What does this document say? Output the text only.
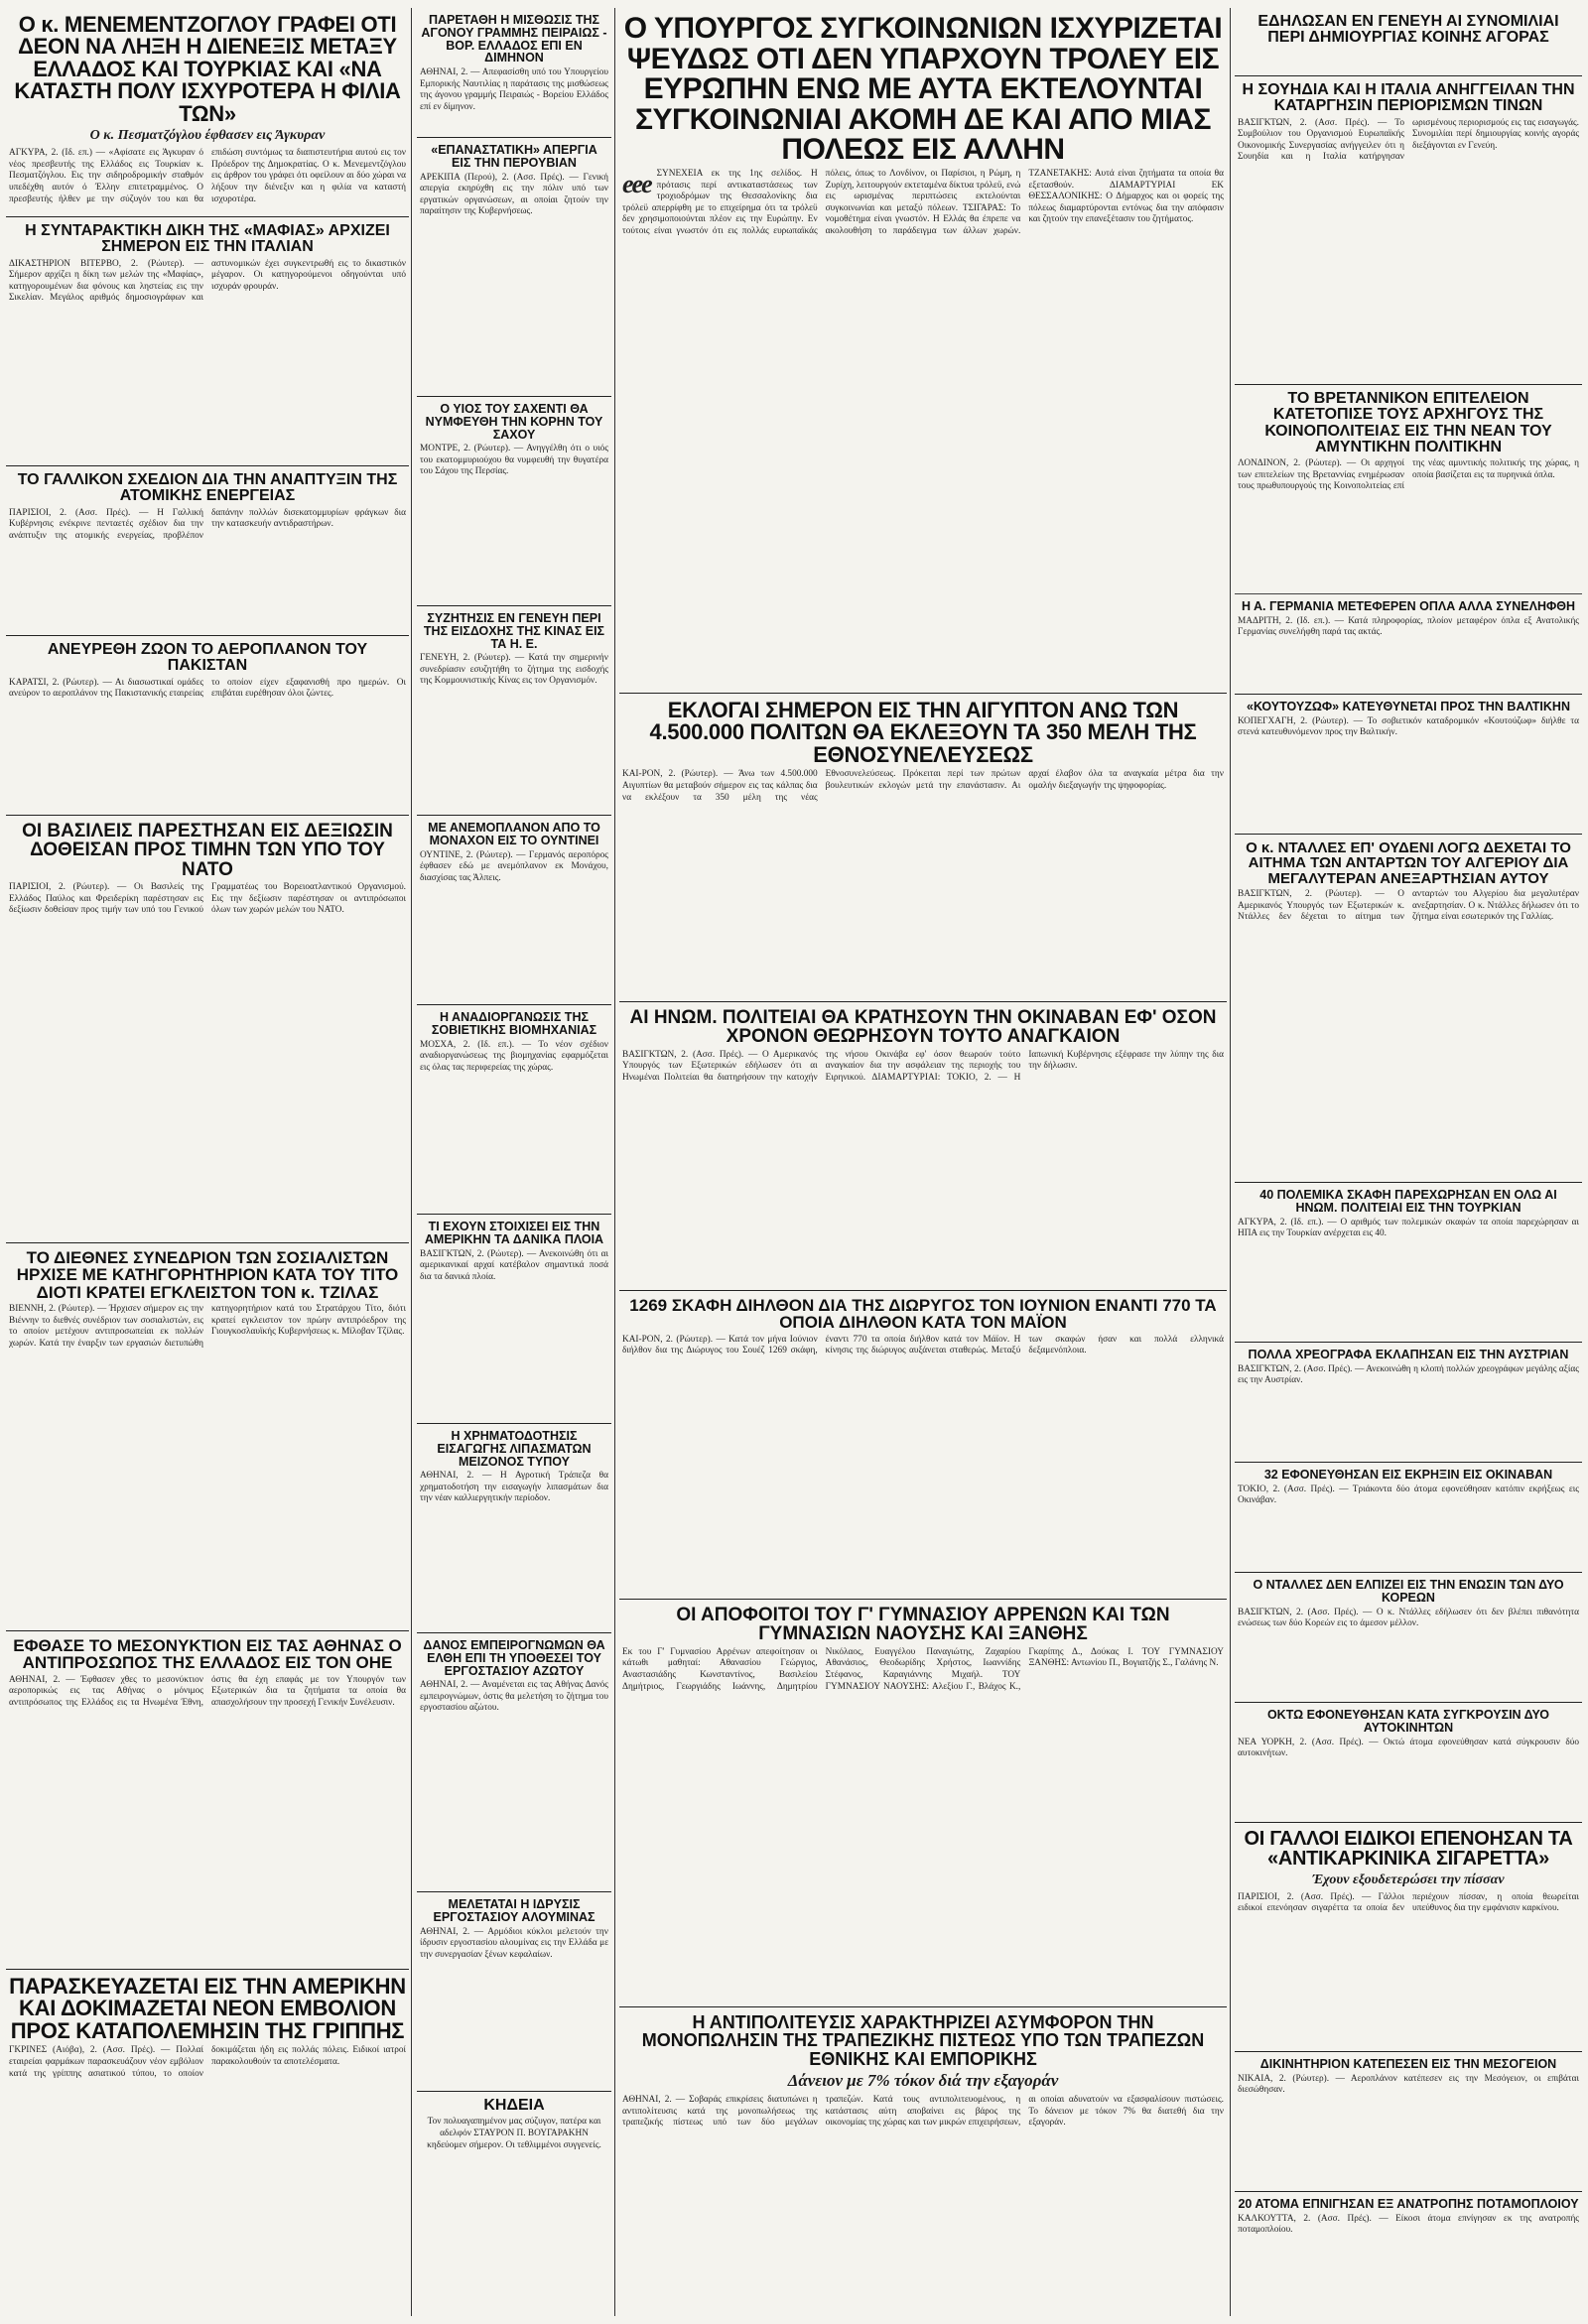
Ο κ. ΜΕΝΕΜΕΝΤΖΟΓΛΟΥ ΓΡΑΦΕΙ ΟΤΙ ΔΕΟΝ ΝΑ ΛΗΞΗ Η ΔΙΕΝΕΞΙΣ ΜΕΤΑΞΥ ΕΛΛΑΔΟΣ ΚΑΙ ΤΟΥΡΚΙΑΣ ΚΑΙ «ΝΑ ΚΑΤΑΣΤΗ ΠΟΛΥ ΙΣΧΥΡΟΤΕΡΑ Η ΦΙΛΙΑ ΤΩΝ»
Ο κ. Πεσματζόγλου έφθασεν εις Άγκυραν
ΑΓΚΥΡΑ, 2. (Ιδ. επ.) — «Αφίσατε εις Άγκυραν ό νέος πρεσβευτής της Ελλάδος εις Τουρκίαν κ. Πεσματζόγλου. Εις την σιδηροδρομικήν σταθμόν υπεδέχθη αυτόν ό Έλλην επιτετραμμένος. Ο πρεσβευτής ήλθεν με την σύζυγόν του και θα επιδώση συντόμως τα διαπιστευτήρια αυτού εις τον Πρόεδρον της Δημοκρατίας. Ο κ. Μενεμεντζόγλου εις άρθρον του γράφει ότι οφείλουν αι δύο χώραι να λήξουν την διένεξιν και η φιλία να καταστή ισχυροτέρα.
Η ΣΥΝΤΑΡΑΚΤΙΚΗ ΔΙΚΗ ΤΗΣ «ΜΑΦΙΑΣ» ΑΡΧΙΖΕΙ ΣΗΜΕΡΟΝ ΕΙΣ ΤΗΝ ΙΤΑΛΙΑΝ
ΔΙΚΑΣΤΗΡΙΟΝ ΒΙΤΕΡΒΟ, 2. (Ρώυτερ). — Σήμερον αρχίζει η δίκη των μελών της «Μαφίας», κατηγορουμένων δια φόνους και ληστείας εις την Σικελίαν. Μεγάλος αριθμός δημοσιογράφων και αστυνομικών έχει συγκεντρωθή εις το δικαστικόν μέγαρον. Οι κατηγορούμενοι οδηγούνται υπό ισχυράν φρουράν.
ΤΟ ΓΑΛΛΙΚΟΝ ΣΧΕΔΙΟΝ ΔΙΑ ΤΗΝ ΑΝΑΠΤΥΞΙΝ ΤΗΣ ΑΤΟΜΙΚΗΣ ΕΝΕΡΓΕΙΑΣ
ΠΑΡΙΣΙΟΙ, 2. (Ασσ. Πρές). — Η Γαλλική Κυβέρνησις ενέκρινε πενταετές σχέδιον δια την ανάπτυξιν της ατομικής ενεργείας, προβλέπον δαπάνην πολλών δισεκατομμυρίων φράγκων δια την κατασκευήν αντιδραστήρων.
ΑΝΕΥΡΕΘΗ ΖΩΟΝ ΤΟ ΑΕΡΟΠΛΑΝΟΝ ΤΟΥ ΠΑΚΙΣΤΑΝ
ΚΑΡΑΤΣΙ, 2. (Ρώυτερ). — Αι διασωστικαί ομάδες ανεύρον το αεροπλάνον της Πακιστανικής εταιρείας το οποίον είχεν εξαφανισθή προ ημερών. Οι επιβάται ευρέθησαν όλοι ζώντες.
ΟΙ ΒΑΣΙΛΕΙΣ ΠΑΡΕΣΤΗΣΑΝ ΕΙΣ ΔΕΞΙΩΣΙΝ ΔΟΘΕΙΣΑΝ ΠΡΟΣ ΤΙΜΗΝ ΤΩΝ ΥΠΟ ΤΟΥ ΝΑΤΟ
ΠΑΡΙΣΙΟΙ, 2. (Ρώυτερ). — Οι Βασιλείς της Ελλάδος Παύλος και Φρειδερίκη παρέστησαν εις δεξίωσιν δοθείσαν προς τιμήν των υπό του Γενικού Γραμματέως του Βορειοατλαντικού Οργανισμού. Εις την δεξίωσιν παρέστησαν οι αντιπρόσωποι όλων των χωρών μελών του ΝΑΤΟ.
ΤΟ ΔΙΕΘΝΕΣ ΣΥΝΕΔΡΙΟΝ ΤΩΝ ΣΟΣΙΑΛΙΣΤΩΝ ΗΡΧΙΣΕ ΜΕ ΚΑΤΗΓΟΡΗΤΗΡΙΟΝ ΚΑΤΑ ΤΟΥ ΤΙΤΟ ΔΙΟΤΙ ΚΡΑΤΕΙ ΕΓΚΛΕΙΣΤΟΝ ΤΟΝ κ. ΤΖΙΛΑΣ
ΒΙΕΝΝΗ, 2. (Ρώυτερ). — Ήρχισεν σήμερον εις την Βιέννην το διεθνές συνέδριον των σοσιαλιστών, εις το οποίον μετέχουν αντιπροσωπείαι εκ πολλών χωρών. Κατά την έναρξιν των εργασιών διετυπώθη κατηγορητήριον κατά του Στρατάρχου Τίτο, διότι κρατεί εγκλειστον τον πρώην αντιπρόεδρον της Γιουγκοσλαυϊκής Κυβερνήσεως κ. Μίλοβαν Τζίλας.
ΕΦΘΑΣΕ ΤΟ ΜΕΣΟΝΥΚΤΙΟΝ ΕΙΣ ΤΑΣ ΑΘΗΝΑΣ Ο ΑΝΤΙΠΡΟΣΩΠΟΣ ΤΗΣ ΕΛΛΑΔΟΣ ΕΙΣ ΤΟΝ ΟΗΕ
ΑΘΗΝΑΙ, 2. — Έφθασεν χθες το μεσονύκτιον αεροπορικώς εις τας Αθήνας ο μόνιμος αντιπρόσωπος της Ελλάδος εις τα Ηνωμένα Έθνη, όστις θα έχη επαφάς με τον Υπουργόν των Εξωτερικών δια τα ζητήματα τα οποία θα απασχολήσουν την προσεχή Γενικήν Συνέλευσιν.
ΠΑΡΑΣΚΕΥΑΖΕΤΑΙ ΕΙΣ ΤΗΝ ΑΜΕΡΙΚΗΝ ΚΑΙ ΔΟΚΙΜΑΖΕΤΑΙ ΝΕΟΝ ΕΜΒΟΛΙΟΝ ΠΡΟΣ ΚΑΤΑΠΟΛΕΜΗΣΙΝ ΤΗΣ ΓΡΙΠΠΗΣ
ΓΚΡΙΝΕΣ (Αιόβα), 2. (Ασσ. Πρές). — Πολλαί εταιρείαι φαρμάκων παρασκευάζουν νέον εμβόλιον κατά της γρίππης ασιατικού τύπου, το οποίον δοκιμάζεται ήδη εις πολλάς πόλεις. Ειδικοί ιατροί παρακολουθούν τα αποτελέσματα.
ΠΑΡΕΤΑΘΗ Η ΜΙΣΘΩΣΙΣ ΤΗΣ ΑΓΟΝΟΥ ΓΡΑΜΜΗΣ ΠΕΙΡΑΙΩΣ - ΒΟΡ. ΕΛΛΑΔΟΣ ΕΠΙ ΕΝ ΔΙΜΗΝΟΝ
ΑΘΗΝΑΙ, 2. — Απεφασίσθη υπό του Υπουργείου Εμπορικής Ναυτιλίας η παράτασις της μισθώσεως της άγονου γραμμής Πειραιώς - Βορείου Ελλάδος επί εν δίμηνον.
«ΕΠΑΝΑΣΤΑΤΙΚΗ» ΑΠΕΡΓΙΑ ΕΙΣ ΤΗΝ ΠΕΡΟΥΒΙΑΝ
ΑΡΕΚΙΠΑ (Περού), 2. (Ασσ. Πρές). — Γενική απεργία εκηρύχθη εις την πόλιν υπό των εργατικών οργανώσεων, αι οποίαι ζητούν την παραίτησιν της Κυβερνήσεως.
Ο ΥΙΟΣ ΤΟΥ ΣΑΧΕΝΤΙ ΘΑ ΝΥΜΦΕΥΘΗ ΤΗΝ ΚΟΡΗΝ ΤΟΥ ΣΑΧΟΥ
ΜΟΝΤΡΕ, 2. (Ρώυτερ). — Ανηγγέλθη ότι ο υιός του εκατομμυριούχου θα νυμφευθή την θυγατέρα του Σάχου της Περσίας.
ΣΥΖΗΤΗΣΙΣ ΕΝ ΓΕΝΕΥΗ ΠΕΡΙ ΤΗΣ ΕΙΣΔΟΧΗΣ ΤΗΣ ΚΙΝΑΣ ΕΙΣ ΤΑ Η. Ε.
ΓΕΝΕΥΗ, 2. (Ρώυτερ). — Κατά την σημερινήν συνεδρίασιν εσυζητήθη το ζήτημα της εισδοχής της Κομμουνιστικής Κίνας εις τον Οργανισμόν.
ΜΕ ΑΝΕΜΟΠΛΑΝΟΝ ΑΠΟ ΤΟ ΜΟΝΑΧΟΝ ΕΙΣ ΤΟ ΟΥΝΤΙΝΕΙ
ΟΥΝΤΙΝΕ, 2. (Ρώυτερ). — Γερμανός αεροπόρος έφθασεν εδώ με ανεμόπλανον εκ Μονάχου, διασχίσας τας Άλπεις.
Η ΑΝΑΔΙΟΡΓΑΝΩΣΙΣ ΤΗΣ ΣΟΒΙΕΤΙΚΗΣ ΒΙΟΜΗΧΑΝΙΑΣ
ΜΟΣΧΑ, 2. (Ιδ. επ.). — Το νέον σχέδιον αναδιοργανώσεως της βιομηχανίας εφαρμόζεται εις όλας τας περιφερείας της χώρας.
ΤΙ ΕΧΟΥΝ ΣΤΟΙΧΙΣΕΙ ΕΙΣ ΤΗΝ ΑΜΕΡΙΚΗΝ ΤΑ ΔΑΝΙΚΑ ΠΛΟΙΑ
ΒΑΣΙΓΚΤΩΝ, 2. (Ρώυτερ). — Ανεκοινώθη ότι αι αμερικανικαί αρχαί κατέβαλον σημαντικά ποσά δια τα δανικά πλοία.
Η ΧΡΗΜΑΤΟΔΟΤΗΣΙΣ ΕΙΣΑΓΩΓΗΣ ΛΙΠΑΣΜΑΤΩΝ ΜΕΙΖΟΝΟΣ ΤΥΠΟΥ
ΑΘΗΝΑΙ, 2. — Η Αγροτική Τράπεζα θα χρηματοδοτήση την εισαγωγήν λιπασμάτων δια την νέαν καλλιεργητικήν περίοδον.
ΔΑΝΟΣ ΕΜΠΕΙΡΟΓΝΩΜΩΝ ΘΑ ΕΛΘΗ ΕΠΙ ΤΗ ΥΠΟΘΕΣΕΙ ΤΟΥ ΕΡΓΟΣΤΑΣΙΟΥ ΑΖΩΤΟΥ
ΑΘΗΝΑΙ, 2. — Αναμένεται εις τας Αθήνας Δανός εμπειρογνώμων, όστις θα μελετήση το ζήτημα του εργοστασίου αζώτου.
ΜΕΛΕΤΑΤΑΙ Η ΙΔΡΥΣΙΣ ΕΡΓΟΣΤΑΣΙΟΥ ΑΛΟΥΜΙΝΑΣ
ΑΘΗΝΑΙ, 2. — Αρμόδιοι κύκλοι μελετούν την ίδρυσιν εργοστασίου αλουμίνας εις την Ελλάδα με την συνεργασίαν ξένων κεφαλαίων.
ΚΗΔΕΙΑ
Τον πολυαγαπημένον μας σύζυγον, πατέρα και αδελφόν ΣΤΑΥΡΟΝ Π. ΒΟΥΓΑΡΑΚΗΝ κηδεύομεν σήμερον. Οι τεθλιμμένοι συγγενείς.
Ο ΥΠΟΥΡΓΟΣ ΣΥΓΚΟΙΝΩΝΙΩΝ ΙΣΧΥΡΙΖΕΤΑΙ ΨΕΥΔΩΣ ΟΤΙ ΔΕΝ ΥΠΑΡΧΟΥΝ ΤΡΟΛΕΥ ΕΙΣ ΕΥΡΩΠΗΝ ΕΝΩ ΜΕ ΑΥΤΑ ΕΚΤΕΛΟΥΝΤΑΙ ΣΥΓΚΟΙΝΩΝΙΑΙ ΑΚΟΜΗ ΔΕ ΚΑΙ ΑΠΟ ΜΙΑΣ ΠΟΛΕΩΣ ΕΙΣ ΑΛΛΗΝ
eee ΣΥΝΕΧΕΙΑ εκ της 1ης σελίδος. Η πρότασις περί αντικαταστάσεως των τροχιοδρόμων της Θεσσαλονίκης δια τρόλεϋ απερρίφθη με το επιχείρημα ότι τα τρόλεϋ δεν χρησιμοποιούνται πλέον εις την Ευρώπην. Εν τούτοις είναι γνωστόν ότι εις πολλάς ευρωπαϊκάς πόλεις, όπως το Λονδίνον, οι Παρίσιοι, η Ρώμη, η Ζυρίχη, λειτουργούν εκτεταμένα δίκτυα τρόλεϋ, ενώ εις ωρισμένας περιπτώσεις εκτελούνται συγκοινωνίαι και μεταξύ πόλεων. ΤΣΙΓΑΡΑΣ: Το νομοθέτημα είναι γνωστόν. Η Ελλάς θα έπρεπε να ακολουθήση το παράδειγμα των άλλων χωρών. ΤΖΑΝΕΤΑΚΗΣ: Αυτά είναι ζητήματα τα οποία θα εξετασθούν. ΔΙΑΜΑΡΤΥΡΙΑΙ ΕΚ ΘΕΣΣΑΛΟΝΙΚΗΣ: Ο Δήμαρχος και οι φορείς της πόλεως διαμαρτύρονται εντόνως δια την απόφασιν και ζητούν την επανεξέτασιν του ζητήματος.
ΕΚΛΟΓΑΙ ΣΗΜΕΡΟΝ ΕΙΣ ΤΗΝ ΑΙΓΥΠΤΟΝ ΑΝΩ ΤΩΝ 4.500.000 ΠΟΛΙΤΩΝ ΘΑ ΕΚΛΕΞΟΥΝ ΤΑ 350 ΜΕΛΗ ΤΗΣ ΕΘΝΟΣΥΝΕΛΕΥΣΕΩΣ
ΚΑΙ-ΡΟΝ, 2. (Ρώυτερ). — Άνω των 4.500.000 Αιγυπτίων θα μεταβούν σήμερον εις τας κάλπας δια να εκλέξουν τα 350 μέλη της νέας Εθνοσυνελεύσεως. Πρόκειται περί των πρώτων βουλευτικών εκλογών μετά την επανάστασιν. Αι αρχαί έλαβον όλα τα αναγκαία μέτρα δια την ομαλήν διεξαγωγήν της ψηφοφορίας.
ΑΙ ΗΝΩΜ. ΠΟΛΙΤΕΙΑΙ ΘΑ ΚΡΑΤΗΣΟΥΝ ΤΗΝ ΟΚΙΝΑΒΑΝ ΕΦ' ΟΣΟΝ ΧΡΟΝΟΝ ΘΕΩΡΗΣΟΥΝ ΤΟΥΤΟ ΑΝΑΓΚΑΙΟΝ
ΒΑΣΙΓΚΤΩΝ, 2. (Ασσ. Πρές). — Ο Αμερικανός Υπουργός των Εξωτερικών εδήλωσεν ότι αι Ηνωμέναι Πολιτείαι θα διατηρήσουν την κατοχήν της νήσου Οκινάβα εφ' όσον θεωρούν τούτο αναγκαίον δια την ασφάλειαν της περιοχής του Ειρηνικού. ΔΙΑΜΑΡΤΥΡΙΑΙ: ΤΟΚΙΟ, 2. — Η Ιαπωνική Κυβέρνησις εξέφρασε την λύπην της δια την δήλωσιν.
1269 ΣΚΑΦΗ ΔΙΗΛΘΟΝ ΔΙΑ ΤΗΣ ΔΙΩΡΥΓΟΣ ΤΟΝ ΙΟΥΝΙΟΝ ΕΝΑΝΤΙ 770 ΤΑ ΟΠΟΙΑ ΔΙΗΛΘΟΝ ΚΑΤΑ ΤΟΝ ΜΑΪΟΝ
ΚΑΙ-ΡΟΝ, 2. (Ρώυτερ). — Κατά τον μήνα Ιούνιον διήλθον δια της Διώρυγος του Σουέζ 1269 σκάφη, έναντι 770 τα οποία διήλθον κατά τον Μάϊον. Η κίνησις της διώρυγος αυξάνεται σταθερώς. Μεταξύ των σκαφών ήσαν και πολλά ελληνικά δεξαμενόπλοια.
ΟΙ ΑΠΟΦΟΙΤΟΙ ΤΟΥ Γ' ΓΥΜΝΑΣΙΟΥ ΑΡΡΕΝΩΝ ΚΑΙ ΤΩΝ ΓΥΜΝΑΣΙΩΝ ΝΑΟΥΣΗΣ ΚΑΙ ΞΑΝΘΗΣ
Εκ του Γ' Γυμνασίου Αρρένων απεφοίτησαν οι κάτωθι μαθηταί: Αθανασίου Γεώργιος, Αναστασιάδης Κωνσταντίνος, Βασιλείου Δημήτριος, Γεωργιάδης Ιωάννης, Δημητρίου Νικόλαος, Ευαγγέλου Παναγιώτης, Ζαχαρίου Αθανάσιος, Θεοδωρίδης Χρήστος, Ιωαννίδης Στέφανος, Καραγιάννης Μιχαήλ. ΤΟΥ ΓΥΜΝΑΣΙΟΥ ΝΑΟΥΣΗΣ: Αλεξίου Γ., Βλάχος Κ., Γκαρίπης Δ., Δούκας Ι. ΤΟΥ ΓΥΜΝΑΣΙΟΥ ΞΑΝΘΗΣ: Αντωνίου Π., Βογιατζής Σ., Γαλάνης Ν.
Η ΑΝΤΙΠΟΛΙΤΕΥΣΙΣ ΧΑΡΑΚΤΗΡΙΖΕΙ ΑΣΥΜΦΟΡΟΝ ΤΗΝ ΜΟΝΟΠΩΛΗΣΙΝ ΤΗΣ ΤΡΑΠΕΖΙΚΗΣ ΠΙΣΤΕΩΣ ΥΠΟ ΤΩΝ ΤΡΑΠΕΖΩΝ ΕΘΝΙΚΗΣ ΚΑΙ ΕΜΠΟΡΙΚΗΣ
Δάνειον με 7% τόκον διά την εξαγοράν
ΑΘΗΝΑΙ, 2. — Σοβαράς επικρίσεις διατυπώνει η αντιπολίτευσις κατά της μονοπωλήσεως της τραπεζικής πίστεως υπό των δύο μεγάλων τραπεζών. Κατά τους αντιπολιτευομένους, η κατάστασις αύτη αποβαίνει εις βάρος της οικονομίας της χώρας και των μικρών επιχειρήσεων, αι οποίαι αδυνατούν να εξασφαλίσουν πιστώσεις. Το δάνειον με τόκον 7% θα διατεθή δια την εξαγοράν.
ΕΔΗΛΩΣΑΝ ΕΝ ΓΕΝΕΥΗ ΑΙ ΣΥΝΟΜΙΛΙΑΙ ΠΕΡΙ ΔΗΜΙΟΥΡΓΙΑΣ ΚΟΙΝΗΣ ΑΓΟΡΑΣ
Η ΣΟΥΗΔΙΑ ΚΑΙ Η ΙΤΑΛΙΑ ΑΝΗΓΓΕΙΛΑΝ ΤΗΝ ΚΑΤΑΡΓΗΣΙΝ ΠΕΡΙΟΡΙΣΜΩΝ ΤΙΝΩΝ
ΒΑΣΙΓΚΤΩΝ, 2. (Ασσ. Πρές). — Το Συμβούλιον του Οργανισμού Ευρωπαϊκής Οικονομικής Συνεργασίας ανήγγειλεν ότι η Σουηδία και η Ιταλία κατήργησαν ωρισμένους περιορισμούς εις τας εισαγωγάς. Συνομιλίαι περί δημιουργίας κοινής αγοράς διεξάγονται εν Γενεύη.
ΤΟ ΒΡΕΤΑΝΝΙΚΟΝ ΕΠΙΤΕΛΕΙΟΝ ΚΑΤΕΤΟΠΙΣΕ ΤΟΥΣ ΑΡΧΗΓΟΥΣ ΤΗΣ ΚΟΙΝΟΠΟΛΙΤΕΙΑΣ ΕΙΣ ΤΗΝ ΝΕΑΝ ΤΟΥ ΑΜΥΝΤΙΚΗΝ ΠΟΛΙΤΙΚΗΝ
ΛΟΝΔΙΝΟΝ, 2. (Ρώυτερ). — Οι αρχηγοί των επιτελείων της Βρεταννίας ενημέρωσαν τους πρωθυπουργούς της Κοινοπολιτείας επί της νέας αμυντικής πολιτικής της χώρας, η οποία βασίζεται εις τα πυρηνικά όπλα.
Η Α. ΓΕΡΜΑΝΙΑ ΜΕΤΕΦΕΡΕΝ ΟΠΛΑ ΑΛΛΑ ΣΥΝΕΛΗΦΘΗ
ΜΑΔΡΙΤΗ, 2. (Ιδ. επ.). — Κατά πληροφορίας, πλοίον μεταφέρον όπλα εξ Ανατολικής Γερμανίας συνελήφθη παρά τας ακτάς.
«ΚΟΥΤΟΥΖΩΦ» ΚΑΤΕΥΘΥΝΕΤΑΙ ΠΡΟΣ ΤΗΝ ΒΑΛΤΙΚΗΝ
ΚΟΠΕΓΧΑΓΗ, 2. (Ρώυτερ). — Το σοβιετικόν καταδρομικόν «Κουτούζωφ» διήλθε τα στενά κατευθυνόμενον προς την Βαλτικήν.
Ο κ. ΝΤΑΛΛΕΣ ΕΠ' ΟΥΔΕΝΙ ΛΟΓΩ ΔΕΧΕΤΑΙ ΤΟ ΑΙΤΗΜΑ ΤΩΝ ΑΝΤΑΡΤΩΝ ΤΟΥ ΑΛΓΕΡΙΟΥ ΔΙΑ ΜΕΓΑΛΥΤΕΡΑΝ ΑΝΕΞΑΡΤΗΣΙΑΝ ΑΥΤΟΥ
ΒΑΣΙΓΚΤΩΝ, 2. (Ρώυτερ). — Ο Αμερικανός Υπουργός των Εξωτερικών κ. Ντάλλες δεν δέχεται το αίτημα των ανταρτών του Αλγερίου δια μεγαλυτέραν ανεξαρτησίαν. Ο κ. Ντάλλες δήλωσεν ότι το ζήτημα είναι εσωτερικόν της Γαλλίας.
40 ΠΟΛΕΜΙΚΑ ΣΚΑΦΗ ΠΑΡΕΧΩΡΗΣΑΝ ΕΝ ΟΛΩ ΑΙ ΗΝΩΜ. ΠΟΛΙΤΕΙΑΙ ΕΙΣ ΤΗΝ ΤΟΥΡΚΙΑΝ
ΑΓΚΥΡΑ, 2. (Ιδ. επ.). — Ο αριθμός των πολεμικών σκαφών τα οποία παρεχώρησαν αι ΗΠΑ εις την Τουρκίαν ανέρχεται εις 40.
ΠΟΛΛΑ ΧΡΕΟΓΡΑΦΑ ΕΚΛΑΠΗΣΑΝ ΕΙΣ ΤΗΝ ΑΥΣΤΡΙΑΝ
ΒΑΣΙΓΚΤΩΝ, 2. (Ασσ. Πρές). — Ανεκοινώθη η κλοπή πολλών χρεογράφων μεγάλης αξίας εις την Αυστρίαν.
32 ΕΦΟΝΕΥΘΗΣΑΝ ΕΙΣ ΕΚΡΗΞΙΝ ΕΙΣ ΟΚΙΝΑΒΑΝ
ΤΟΚΙΟ, 2. (Ασσ. Πρές). — Τριάκοντα δύο άτομα εφονεύθησαν κατόπιν εκρήξεως εις Οκινάβαν.
Ο ΝΤΑΛΛΕΣ ΔΕΝ ΕΛΠΙΖΕΙ ΕΙΣ ΤΗΝ ΕΝΩΣΙΝ ΤΩΝ ΔΥΟ ΚΟΡΕΩΝ
ΒΑΣΙΓΚΤΩΝ, 2. (Ασσ. Πρές). — Ο κ. Ντάλλες εδήλωσεν ότι δεν βλέπει πιθανότητα ενώσεως των δύο Κορεών εις το άμεσον μέλλον.
ΟΚΤΩ ΕΦΟΝΕΥΘΗΣΑΝ ΚΑΤΑ ΣΥΓΚΡΟΥΣΙΝ ΔΥΟ ΑΥΤΟΚΙΝΗΤΩΝ
ΝΕΑ ΥΟΡΚΗ, 2. (Ασσ. Πρές). — Οκτώ άτομα εφονεύθησαν κατά σύγκρουσιν δύο αυτοκινήτων.
ΟΙ ΓΑΛΛΟΙ ΕΙΔΙΚΟΙ ΕΠΕΝΟΗΣΑΝ ΤΑ «ΑΝΤΙΚΑΡΚΙΝΙΚΑ ΣΙΓΑΡΕΤΤΑ»
Έχουν εξουδετερώσει την πίσσαν
ΠΑΡΙΣΙΟΙ, 2. (Ασσ. Πρές). — Γάλλοι ειδικοί επενόησαν σιγαρέττα τα οποία δεν περιέχουν πίσσαν, η οποία θεωρείται υπεύθυνος δια την εμφάνισιν καρκίνου.
ΔΙΚΙΝΗΤΗΡΙΟΝ ΚΑΤΕΠΕΣΕΝ ΕΙΣ ΤΗΝ ΜΕΣΟΓΕΙΟΝ
ΝΙΚΑΙΑ, 2. (Ρώυτερ). — Αεροπλάνον κατέπεσεν εις την Μεσόγειον, οι επιβάται διεσώθησαν.
20 ΑΤΟΜΑ ΕΠΝΙΓΗΣΑΝ ΕΞ ΑΝΑΤΡΟΠΗΣ ΠΟΤΑΜΟΠΛΟΙΟΥ
ΚΑΛΚΟΥΤΤΑ, 2. (Ασσ. Πρές). — Είκοσι άτομα επνίγησαν εκ της ανατροπής ποταμοπλοίου.
